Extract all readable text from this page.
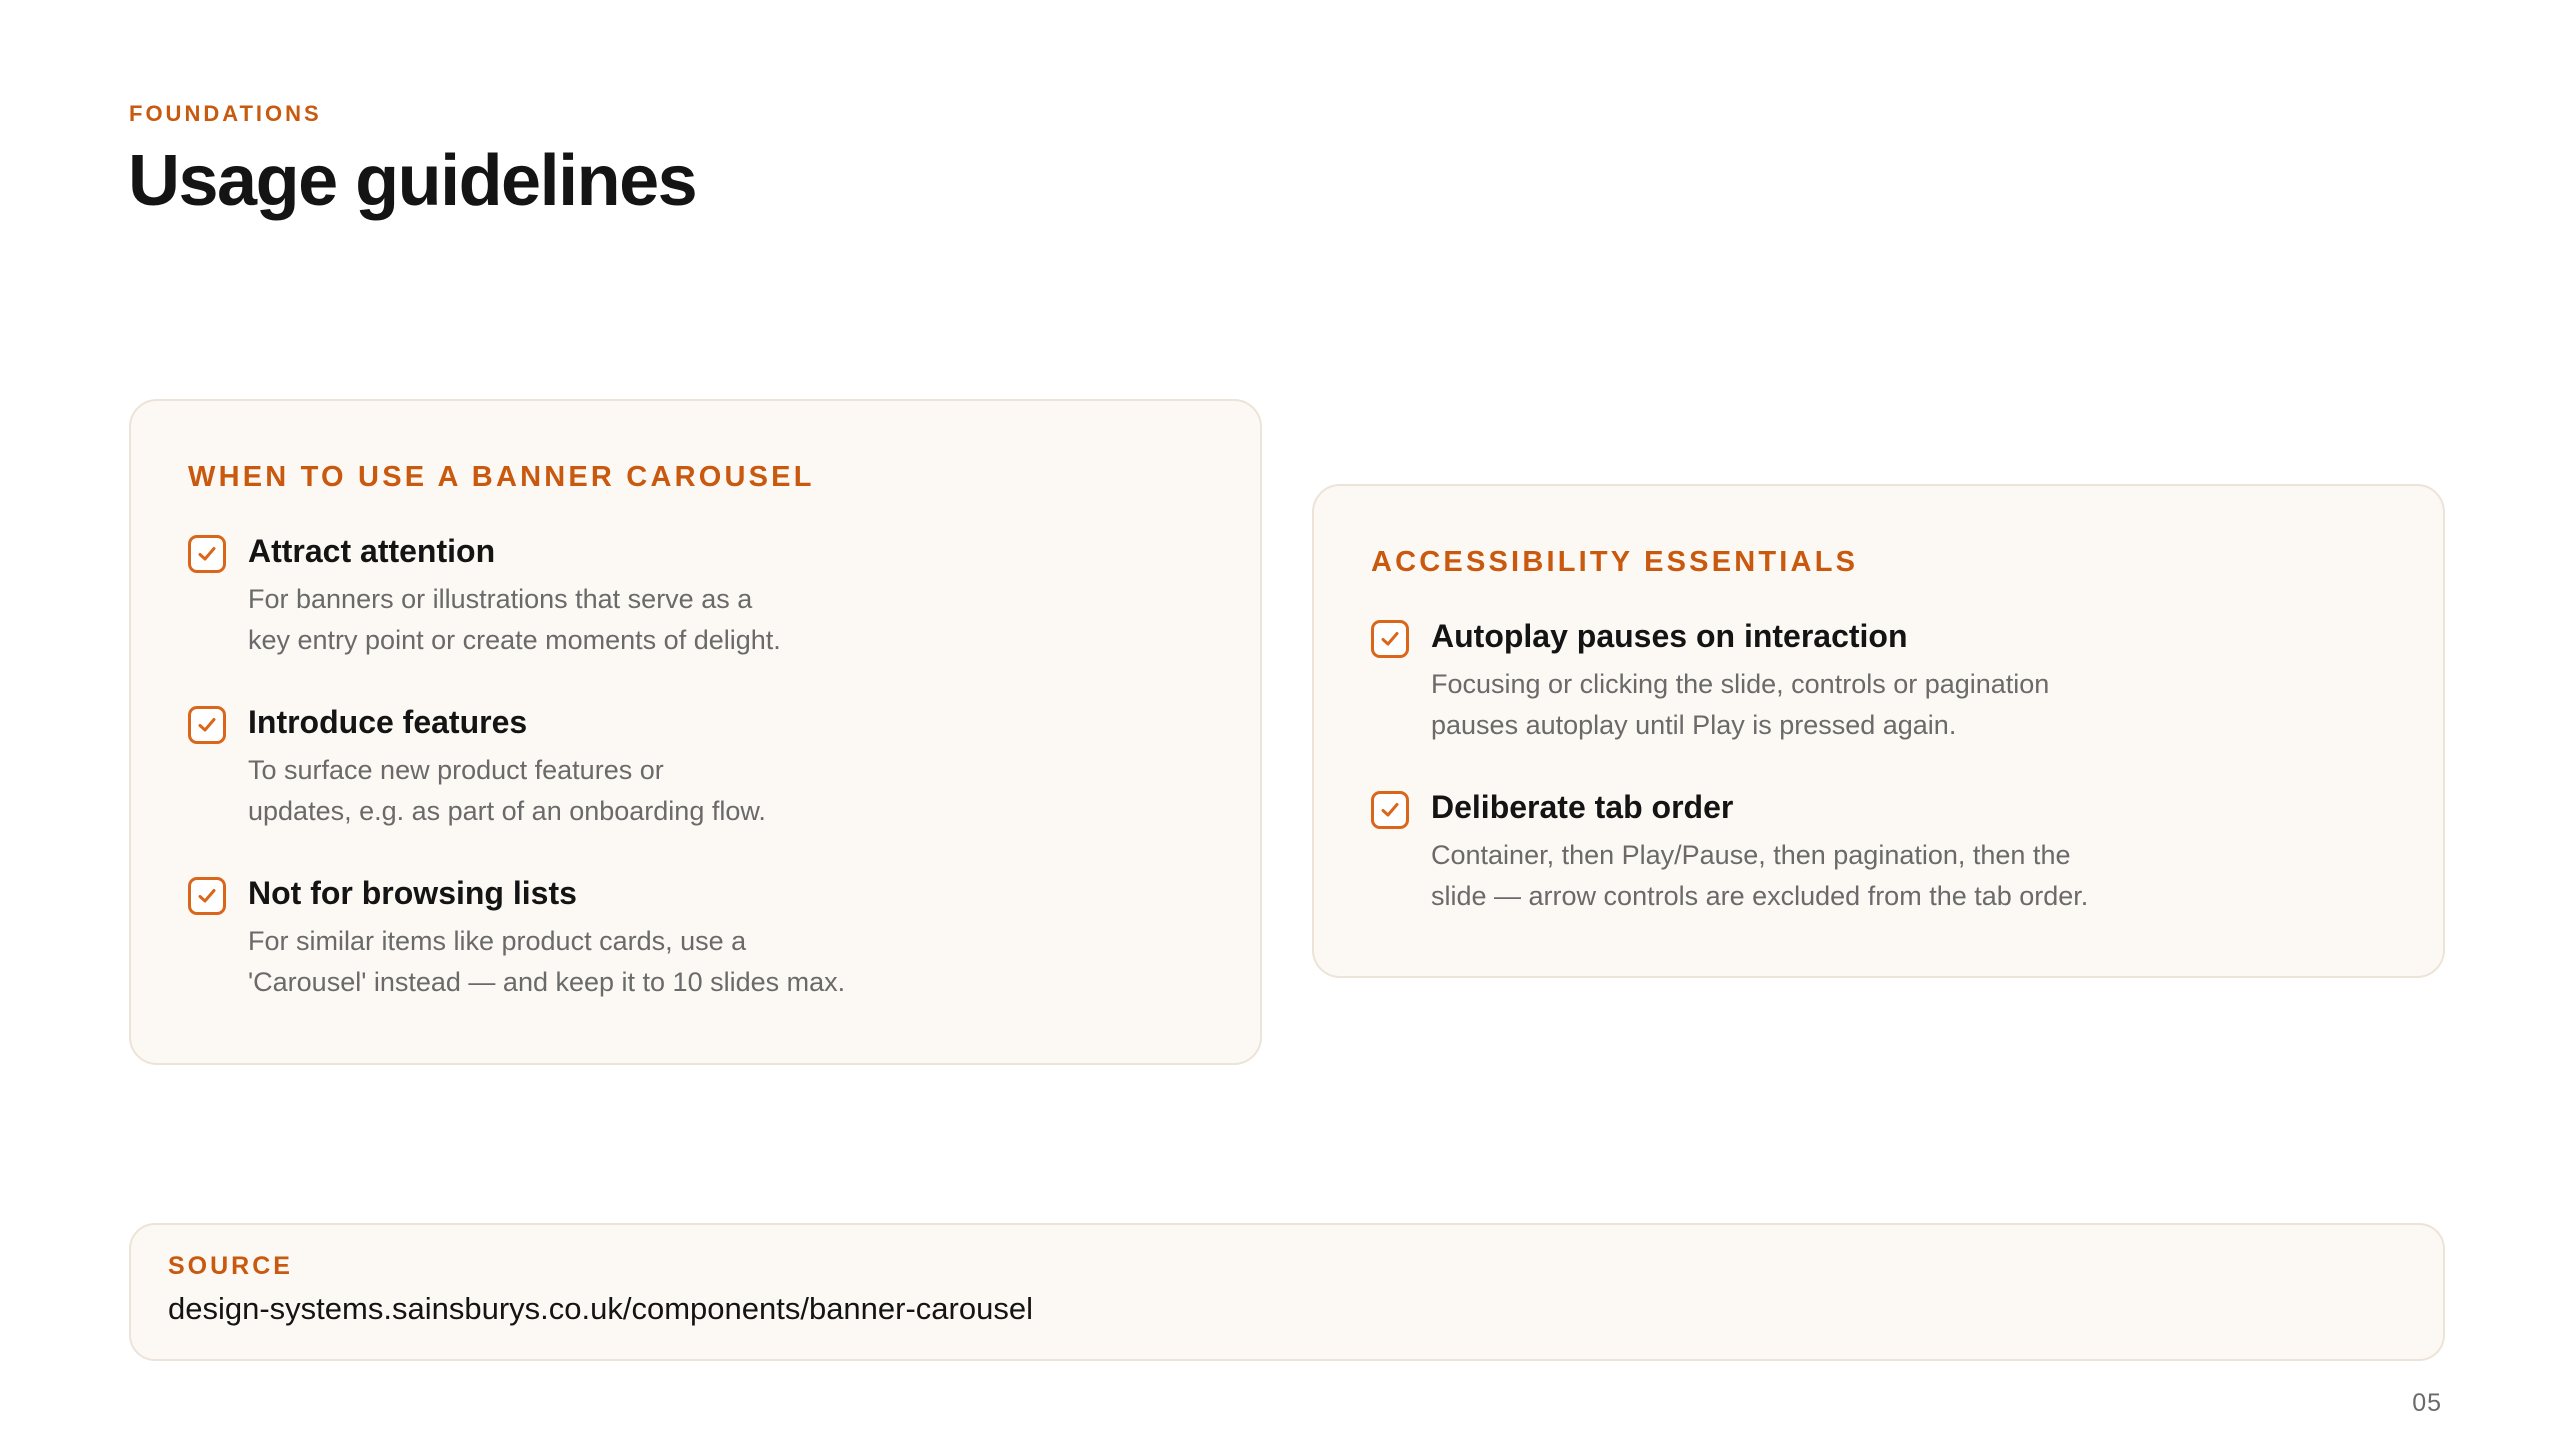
FOUNDATIONS
Usage guidelines
WHEN TO USE A BANNER CAROUSEL
Attract attention
For banners or illustrations that serve as a
key entry point or create moments of delight.
Introduce features
To surface new product features or
updates, e.g. as part of an onboarding flow.
Not for browsing lists
For similar items like product cards, use a
'Carousel' instead — and keep it to 10 slides max.
ACCESSIBILITY ESSENTIALS
Autoplay pauses on interaction
Focusing or clicking the slide, controls or pagination
pauses autoplay until Play is pressed again.
Deliberate tab order
Container, then Play/Pause, then pagination, then the
slide — arrow controls are excluded from the tab order.
SOURCE
design-systems.sainsburys.co.uk/components/banner-carousel
05
